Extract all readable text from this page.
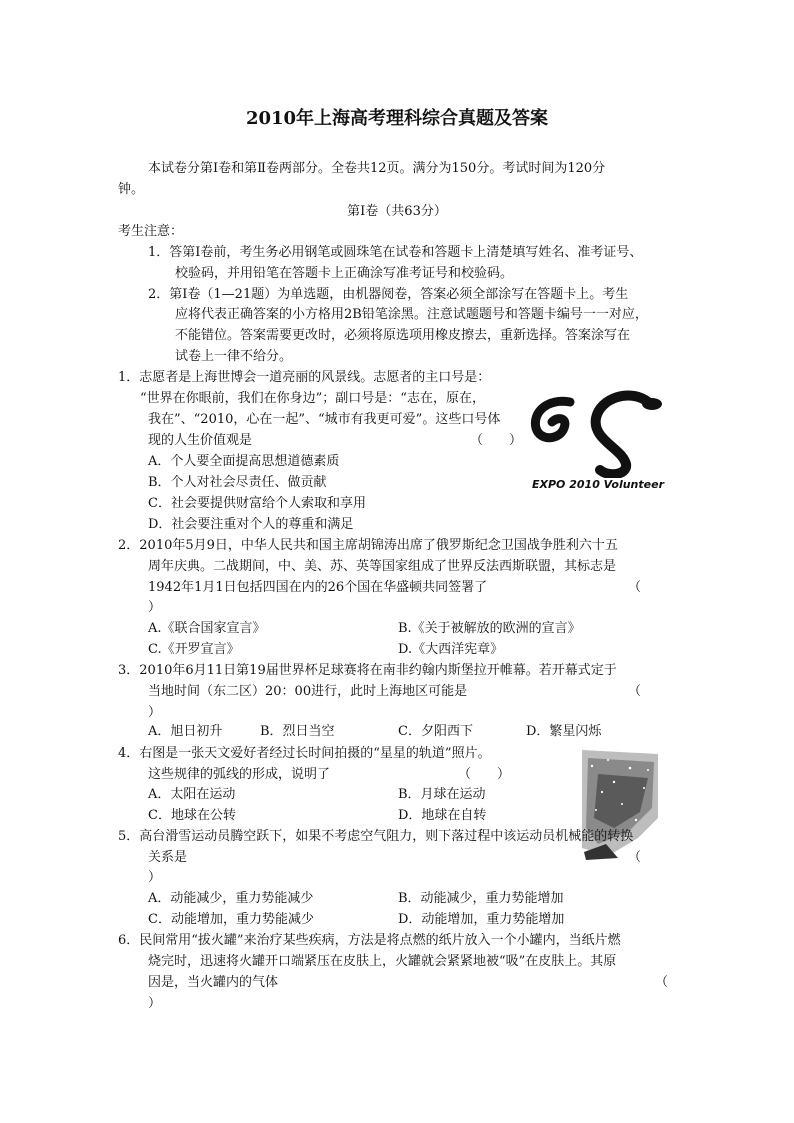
2010年上海高考理科综合真题及答案
本试卷分第Ⅰ卷和第Ⅱ卷两部分。全卷共12页。满分为150分。考试时间为120分
钟。
第Ⅰ卷（共63分）
考生注意：
1．答第Ⅰ卷前，考生务必用钢笔或圆珠笔在试卷和答题卡上清楚填写姓名、准考证号、
校验码，并用铅笔在答题卡上正确涂写准考证号和校验码。
2．第Ⅰ卷（1—21题）为单选题，由机器阅卷，答案必须全部涂写在答题卡上。考生
应将代表正确答案的小方格用2B铅笔涂黑。注意试题题号和答题卡编号一一对应，
不能错位。答案需要更改时，必须将原选项用橡皮擦去，重新选择。答案涂写在
试卷上一律不给分。
1．志愿者是上海世博会一道亮丽的风景线。志愿者的主口号是：
“世界在你眼前，我们在你身边”；副口号是：“志在，原在，
我在”、“2010，心在一起”、“城市有我更可爱”。这些口号体
现的人生价值观是	（　　）
A．个人要全面提高思想道德素质
B．个人对社会尽责任、做贡献
C．社会要提供财富给个人索取和享用
D．社会要注重对个人的尊重和满足
EXPO 2010 Volunteer
2．2010年5月9日，中华人民共和国主席胡锦涛出席了俄罗斯纪念卫国战争胜利六十五
周年庆典。二战期间，中、美、苏、英等国家组成了世界反法西斯联盟，其标志是
1942年1月1日包括四国在内的26个国在华盛顿共同签署了	（
）
A.《联合国家宣言》	B.《关于被解放的欧洲的宣言》
C.《开罗宣言》	D.《大西洋宪章》
3．2010年6月11日第19届世界杯足球赛将在南非约翰内斯堡拉开帷幕。若开幕式定于
当地时间（东二区）20：00进行，此时上海地区可能是	（
）
A．旭日初升	B．烈日当空	C．夕阳西下	D．繁星闪烁
4．右图是一张天文爱好者经过长时间拍摄的“星星的轨道”照片。
这些规律的弧线的形成，说明了	（　　）
A．太阳在运动	B．月球在运动
C．地球在公转	D．地球在自转
5．高台滑雪运动员腾空跃下，如果不考虑空气阻力，则下落过程中该运动员机械能的转换
关系是	（
）
A．动能减少，重力势能减少	B．动能减少，重力势能增加
C．动能增加，重力势能减少	D．动能增加，重力势能增加
6．民间常用“拔火罐”来治疗某些疾病，方法是将点燃的纸片放入一个小罐内，当纸片燃
烧完时，迅速将火罐开口端紧压在皮肤上，火罐就会紧紧地被“吸”在皮肤上。其原
因是，当火罐内的气体	（
）
